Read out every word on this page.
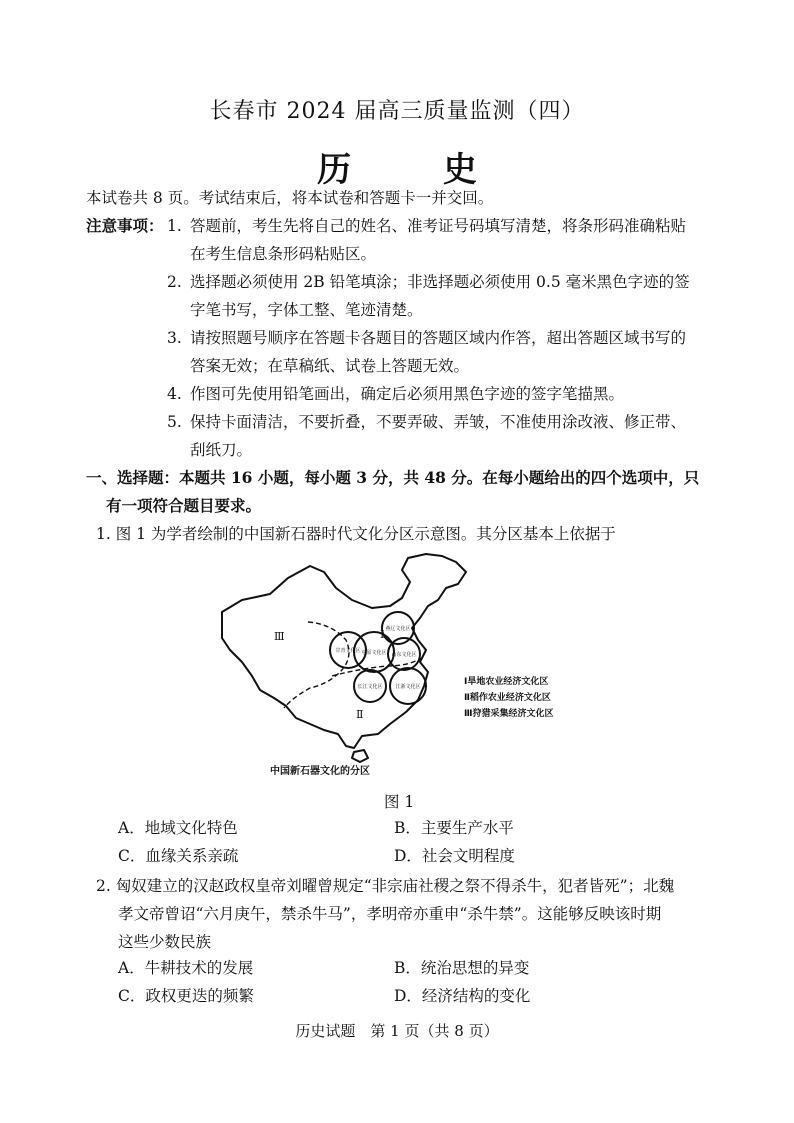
长春市 2024 届高三质量监测（四）
历 史
本试卷共 8 页。考试结束后，将本试卷和答题卡一并交回。
注意事项： 1. 答题前，考生先将自己的姓名、准考证号码填写清楚，将条形码准确粘贴
在考生信息条形码粘贴区。
2. 选择题必须使用 2B 铅笔填涂；非选择题必须使用 0.5 毫米黑色字迹的签
字笔书写，字体工整、笔迹清楚。
3. 请按照题号顺序在答题卡各题目的答题区域内作答，超出答题区域书写的
答案无效；在草稿纸、试卷上答题无效。
4. 作图可先使用铅笔画出，确定后必须用黑色字迹的签字笔描黑。
5. 保持卡面清洁，不要折叠，不要弄破、弄皱，不准使用涂改液、修正带、
刮纸刀。
一、选择题：本题共 16 小题，每小题 3 分，共 48 分。在每小题给出的四个选项中，只
有一项符合题目要求。
1. 图 1 为学者绘制的中国新石器时代文化分区示意图。其分区基本上依据于
燕辽文化区
甘青文化区 中原文化区 山东文化区
长江文化区	江浙文化区
Ⅰ
Ⅱ
Ⅲ
Ⅰ旱地农业经济文化区
Ⅱ稻作农业经济文化区
Ⅲ狩猎采集经济文化区
中国新石器文化的分区
图 1
A．地域文化特色	B．主要生产水平
C．血缘关系亲疏	D．社会文明程度
2. 匈奴建立的汉赵政权皇帝刘曜曾规定“非宗庙社稷之祭不得杀牛，犯者皆死”；北魏
孝文帝曾诏“六月庚午，禁杀牛马”，孝明帝亦重申“杀牛禁”。这能够反映该时期
这些少数民族
A．牛耕技术的发展	B．统治思想的异变
C．政权更迭的频繁	D．经济结构的变化
历史试题　第 1 页（共 8 页）
